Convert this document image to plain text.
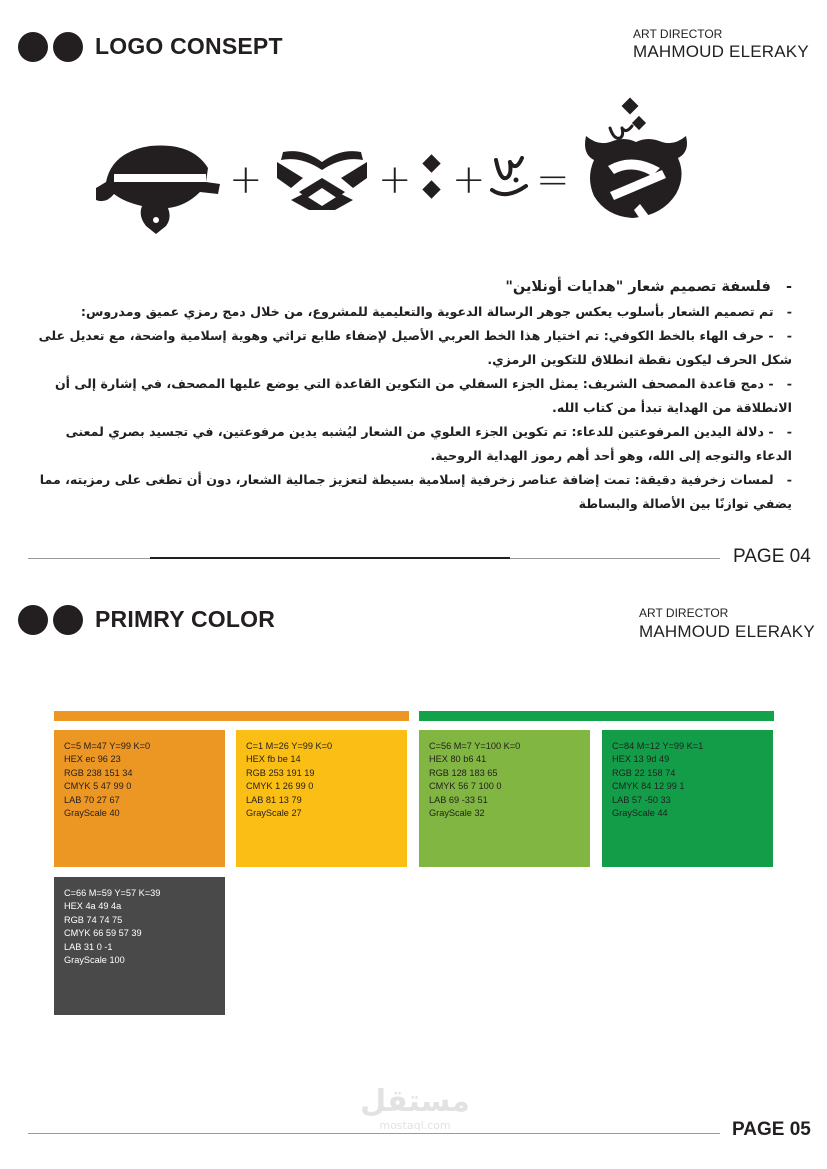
LOGO CONSEPT	ART DIRECTOR
MAHMOUD ELERAKY
+	+ + =
-   فلسفة تصميم شعار "هدايات أونلاين"
-   تم تصميم الشعار بأسلوب يعكس جوهر الرسالة الدعوية والتعليمية للمشروع، من خلال دمج رمزي عميق ومدروس:
-   - حرف الهاء بالخط الكوفي: تم اختيار هذا الخط العربي الأصيل لإضفاء طابع تراثي وهوية إسلامية واضحة، مع تعديل على شكل الحرف ليكون نقطة انطلاق للتكوين الرمزي.
-   - دمج قاعدة المصحف الشريف: يمثل الجزء السفلي من التكوين القاعدة التي يوضع عليها المصحف، في إشارة إلى أن الانطلاقة من الهداية تبدأ من كتاب الله.
-   - دلالة اليدين المرفوعتين للدعاء: تم تكوين الجزء العلوي من الشعار ليُشبه يدين مرفوعتين، في تجسيد بصري لمعنى الدعاء والتوجه إلى الله، وهو أحد أهم رموز الهداية الروحية.
-   لمسات زخرفية دقيقة: تمت إضافة عناصر زخرفية إسلامية بسيطة لتعزيز جمالية الشعار، دون أن تطغى على رمزيته، مما يضفي توازنًا بين الأصالة والبساطة
PAGE 04
PRIMRY COLOR	ART DIRECTOR
MAHMOUD ELERAKY
C=5 M=47 Y=99 K=0
HEX ec 96 23
RGB 238 151 34
CMYK 5 47 99 0
LAB 70 27 67
GrayScale 40
C=1 M=26 Y=99 K=0
HEX fb be 14
RGB 253 191 19
CMYK 1 26 99 0
LAB 81 13 79
GrayScale 27
C=56 M=7 Y=100 K=0
HEX 80 b6 41
RGB 128 183 65
CMYK 56 7 100 0
LAB 69 -33 51
GrayScale 32
C=84 M=12 Y=99 K=1
HEX 13 9d 49
RGB 22 158 74
CMYK 84 12 99 1
LAB 57 -50 33
GrayScale 44
C=66 M=59 Y=57 K=39
HEX 4a 49 4a
RGB 74 74 75
CMYK 66 59 57 39
LAB 31 0 -1
GrayScale 100
مستقل
mostaql.com	PAGE 05
